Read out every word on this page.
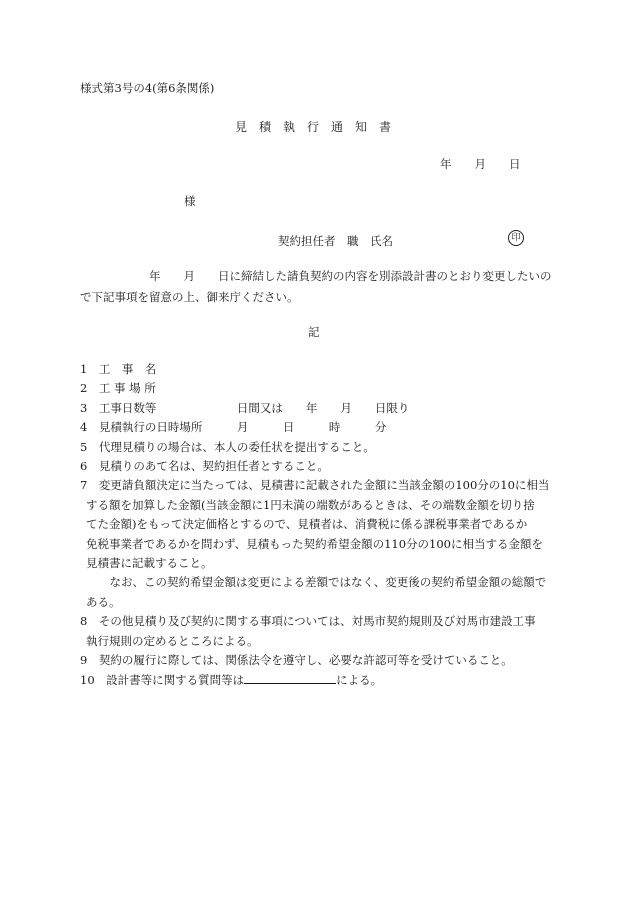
様式第3号の4(第6条関係)
見　積　執　行　通　知　書
年　　月　　日
様
契約担任者　職　氏名	印
　　　　　　年　　月　　日に締結した請負契約の内容を別添設計書のとおり変更したいの
で下記事項を留意の上、御来庁ください。
記
1　工　事　名
2　工 事 場 所
3　工事日数等　　　　　　　日間又は　　年　　月　　日限り
4　見積執行の日時場所　　　月　　　日　　　時　　　分
5　代理見積りの場合は、本人の委任状を提出すること。
6　見積りのあて名は、契約担任者とすること。
7　変更請負額決定に当たっては、見積書に記載された金額に当該金額の100分の10に相当
する額を加算した金額(当該金額に1円未満の端数があるときは、その端数金額を切り捨
てた金額)をもって決定価格とするので、見積者は、消費税に係る課税事業者であるか
免税事業者であるかを問わず、見積もった契約希望金額の110分の100に相当する金額を
見積書に記載すること。
　なお、この契約希望金額は変更による差額ではなく、変更後の契約希望金額の総額で
ある。
8　その他見積り及び契約に関する事項については、対馬市契約規則及び対馬市建設工事
執行規則の定めるところによる。
9　契約の履行に際しては、関係法令を遵守し、必要な許認可等を受けていること。
10　設計書等に関する質問等は	による。
